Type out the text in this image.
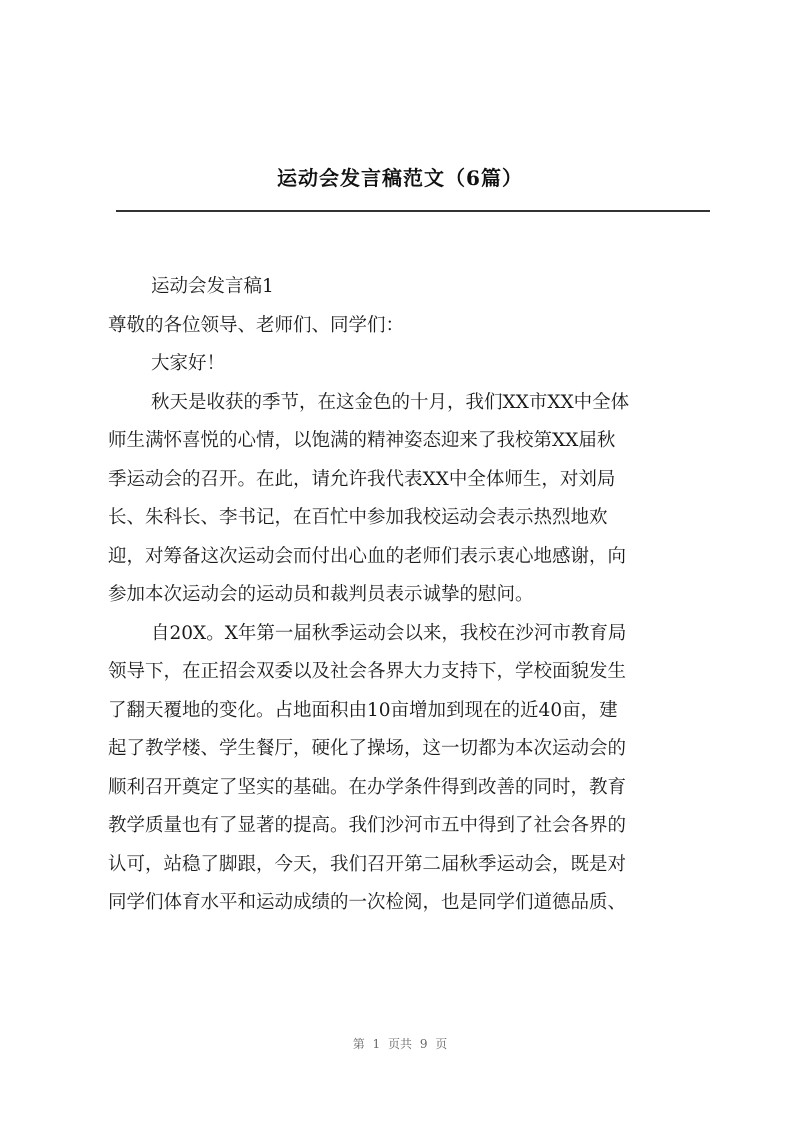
运动会发言稿范文（6篇）

运动会发言稿1

尊敬的各位领导、老师们、同学们：

大家好！

秋天是收获的季节，在这金色的十月，我们XX市XX中全体

师生满怀喜悦的心情，以饱满的精神姿态迎来了我校第XX届秋

季运动会的召开。在此，请允许我代表XX中全体师生，对刘局

长、朱科长、李书记，在百忙中参加我校运动会表示热烈地欢

迎，对筹备这次运动会而付出心血的老师们表示衷心地感谢，向

参加本次运动会的运动员和裁判员表示诚挚的慰问。

自20X。X年第一届秋季运动会以来，我校在沙河市教育局

领导下，在正招会双委以及社会各界大力支持下，学校面貌发生

了翻天覆地的变化。占地面积由10亩增加到现在的近40亩，建

起了教学楼、学生餐厅，硬化了操场，这一切都为本次运动会的

顺利召开奠定了坚实的基础。在办学条件得到改善的同时，教育

教学质量也有了显著的提高。我们沙河市五中得到了社会各界的

认可，站稳了脚跟，今天，我们召开第二届秋季运动会，既是对

同学们体育水平和运动成绩的一次检阅，也是同学们道德品质、

第 1 页共 9 页
